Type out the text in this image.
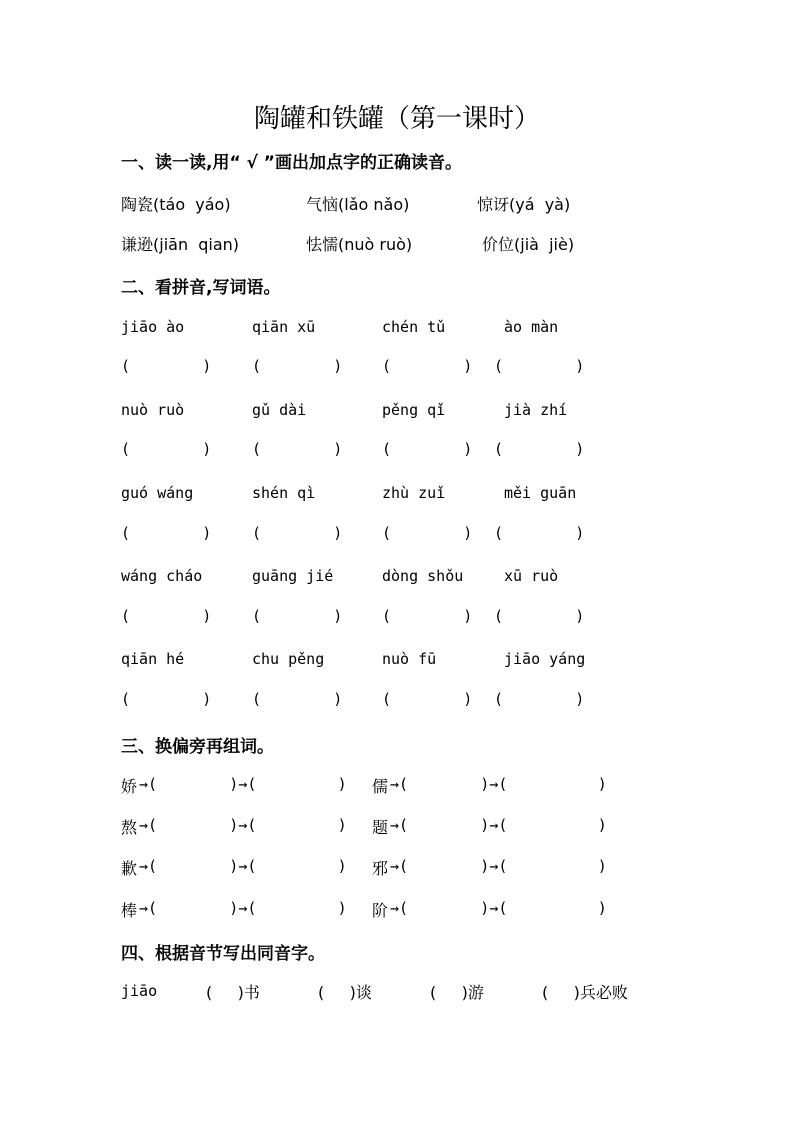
陶罐和铁罐（第一课时）
一、读一读,用“ √ ”画出加点字的正确读音。
陶瓷(táo  yáo)	气恼(lǎo nǎo)	惊讶(yá  yà)
谦逊(jiān  qian)	怯懦(nuò ruò)	价位(jià  jiè)
二、看拼音,写词语。
jiāo ào	qiān xū	chén tǔ	ào màn
(        )	(        )	(        ) (        )
nuò ruò	gǔ dài	pěng qǐ	jià zhí
(        )	(        )	(        ) (        )
guó wáng	shén qì	zhù zuǐ	měi guān
(        )	(        )	(        ) (        )
wáng cháo	guāng jié	dòng shǒu	xū ruò
(        )	(        )	(        ) (        )
qiān hé	chu pěng	nuò fū	jiāo yáng
(        )	(        )	(        ) (        )
三、换偏旁再组词。
娇 →(        )→(         ) 儒 →(        )→(          )
熬 →(        )→(         ) 题 →(        )→(          )
歉 →(        )→(         ) 邪 →(        )→(          )
棒 →(        )→(         ) 阶 →(        )→(          )
四、根据音节写出同音字。
jiāo	(     )书	(     )谈	(     )游	(     )兵必败
